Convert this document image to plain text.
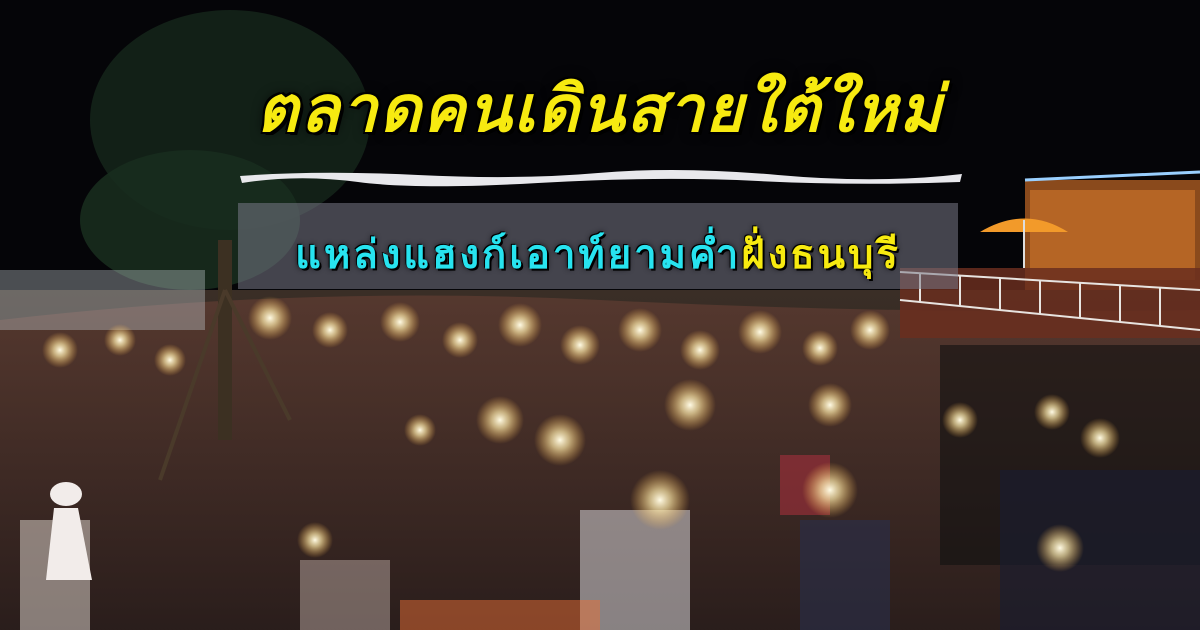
ตลาดคนเดินสายใต้ใหม่
แหล่งแฮงก์เอาท์ยามค่ำฝั่งธนบุรี
